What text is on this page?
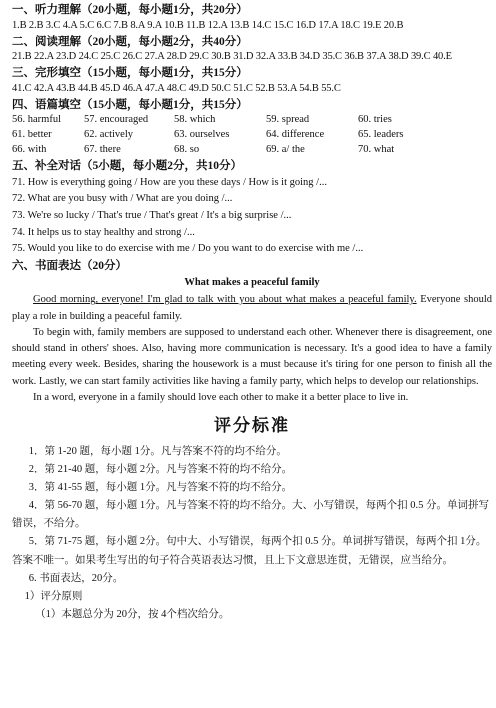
一、听力理解（20小题，每小题1分，共20分）

1.B 2.B 3.C 4.A 5.C 6.C 7.B 8.A 9.A 10.B 11.B 12.A 13.B 14.C 15.C 16.D 17.A 18.C 19.E 20.B

二、阅读理解（20小题，每小题2分，共40分）

21.B 22.A 23.D 24.C 25.C 26.C 27.A 28.D 29.C 30.B 31.D 32.A 33.B 34.D 35.C 36.B 37.A 38.D 39.C 40.E

三、完形填空（15小题，每小题1分，共15分）

41.C 42.A 43.B 44.B 45.D 46.A 47.A 48.C 49.D 50.C 51.C 52.B 53.A 54.B 55.C

四、语篇填空（15小题，每小题1分，共15分）

56. harmful	57. encouraged	58. which	59. spread	60. tries
61. better	62. actively	63. ourselves	64. difference	65. leaders
66. with	67. there	68. so	69. a/ the	70. what

五、补全对话（5小题，每小题2分，共10分）

71. How is everything going / How are you these days / How is it going /...

72. What are you busy with / What are you doing /...

73. We're so lucky / That's true / That's great / It's a big surprise /...

74. It helps us to stay healthy and strong /...

75. Would you like to do exercise with me / Do you want to do exercise with me /...

六、书面表达（20分）

What makes a peaceful family

Good morning, everyone! I'm glad to talk with you about what makes a peaceful family. Everyone should play a role in building a peaceful family.

To begin with, family members are supposed to understand each other. Whenever there is disagreement, one should stand in others' shoes. Also, having more communication is necessary. It's a good idea to have a family meeting every week. Besides, sharing the housework is a must because it's tiring for one person to finish all the work. Lastly, we can start family activities like having a family party, which helps to develop our relationships.

In a word, everyone in a family should love each other to make it a better place to live in.

评分标准

1．第 1-20 题，每小题 1分。凡与答案不符的均不给分。

2．第 21-40 题，每小题 2分。凡与答案不符的均不给分。

3．第 41-55 题，每小题 1分。凡与答案不符的均不给分。

4．第 56-70 题，每小题 1分。凡与答案不符的均不给分。大、小写错误，每两个扣 0.5 分。单词拼写错误，不给分。

5．第 71-75 题，每小题 2分。句中大、小写错误，每两个扣 0.5 分。单词拼写错误，每两个扣 1分。答案不唯一。如果考生写出的句子符合英语表达习惯，且上下文意思连贯，无错误，应当给分。

6. 书面表达，20分。

1）评分原则

（1）本题总分为 20分，按 4个档次给分。
